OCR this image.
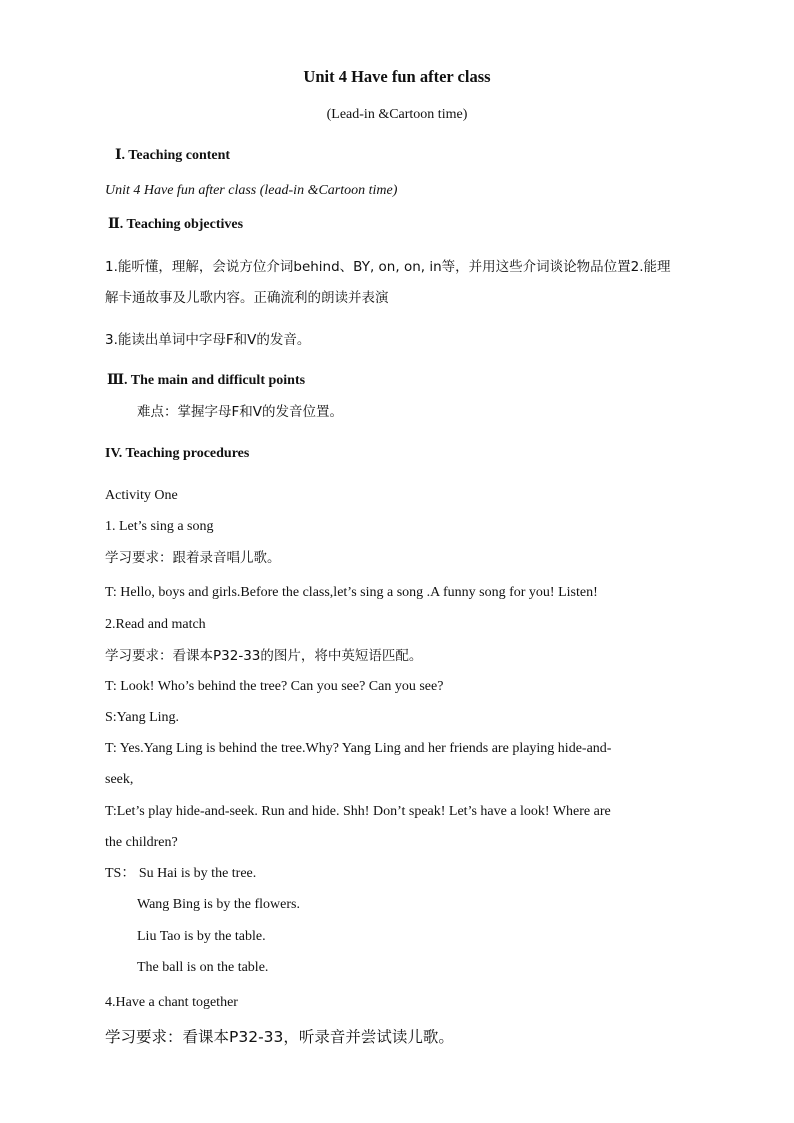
Unit 4 Have fun after class
(Lead-in &Cartoon time)
Ⅰ. Teaching content
Unit 4 Have fun after class (lead-in &Cartoon time)
Ⅱ. Teaching objectives
1.能听懂，理解，会说方位介词behind、BY, on, on, in等，并用这些介词谈论物品位置2.能理
解卡通故事及儿歌内容。正确流利的朗读并表演
3.能读出单词中字母F和V的发音。
Ⅲ. The main and difficult points
难点：掌握字母F和V的发音位置。
IV. Teaching procedures
Activity One
1. Let’s sing a song
学习要求：跟着录音唱儿歌。
T: Hello, boys and girls.Before the class,let’s sing a song .A funny song for you! Listen!
2.Read and match
学习要求：看课本P32-33的图片，将中英短语匹配。
T: Look! Who’s behind the tree? Can you see? Can you see?
S:Yang Ling.
T: Yes.Yang Ling is behind the tree.Why? Yang Ling and her friends are playing hide-and-
seek,
T:Let’s play hide-and-seek. Run and hide. Shh! Don’t speak! Let’s have a look! Where are
the children?
TS： Su Hai is by the tree.
Wang Bing is by the flowers.
Liu Tao is by the table.
The ball is on the table.
4.Have a chant together
学习要求：看课本P32-33，听录音并尝试读儿歌。
